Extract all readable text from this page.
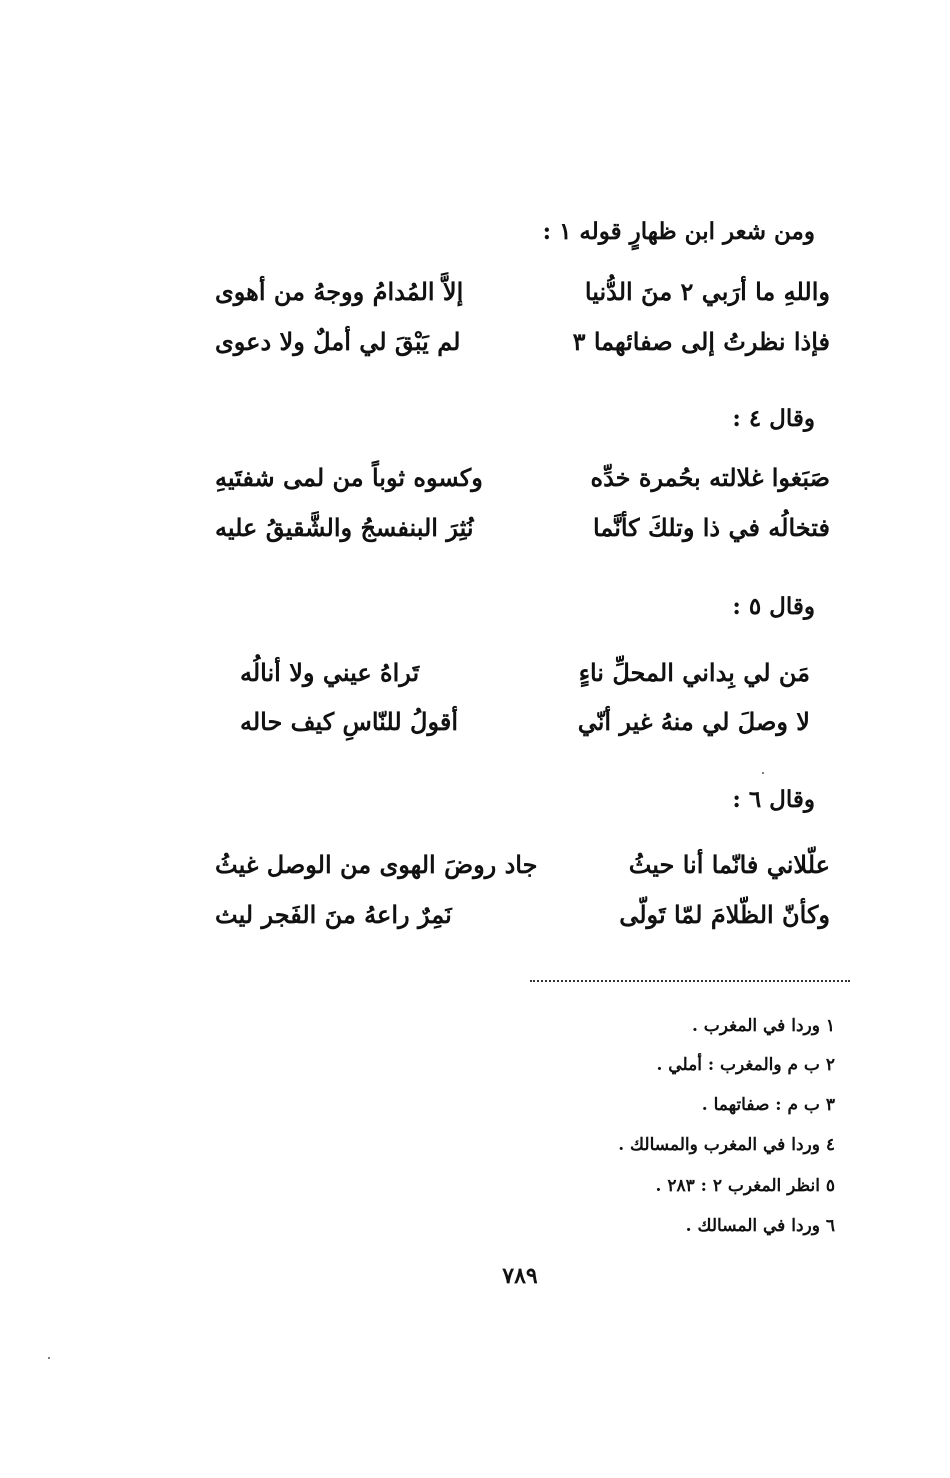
ومن شعر ابن ظهارٍ قوله ١ :
واللهِ ما أرَبي ٢ منَ الدُّنيا
إلاَّ المُدامُ ووجهُ من أهوى
فإذا نظرتُ إلى صفائهما ٣
لم يَبْقَ لي أملٌ ولا دعوى
وقال ٤ :
صَبَغوا غلالته بحُمرة خدِّه
وكسوه ثوباً من لمى شفتَيهِ
فتخالُه في ذا وتلكَ كأنَّما
نُثِرَ البنفسجُ والشَّقيقُ عليه
وقال ٥ :
مَن لي بِداني المحلِّ ناءٍ
تَراهُ عيني ولا أنالُه
لا وصلَ لي منهُ غير أنّي
أقولُ للنّاسِ كيف حاله
وقال ٦ :
علّلاني فانّما أنا حيثُ
جاد روضَ الهوى من الوصل غيثُ
وكأنّ الظّلامَ لمّا تَولّى
نَمِرٌ راعهُ منَ الفَجر ليث
١ وردا في المغرب .
٢ ب م والمغرب : أملي .
٣ ب م : صفاتهما .
٤ وردا في المغرب والمسالك .
٥ انظر المغرب ٢ : ٢٨٣ .
٦ وردا في المسالك .
٧٨٩
